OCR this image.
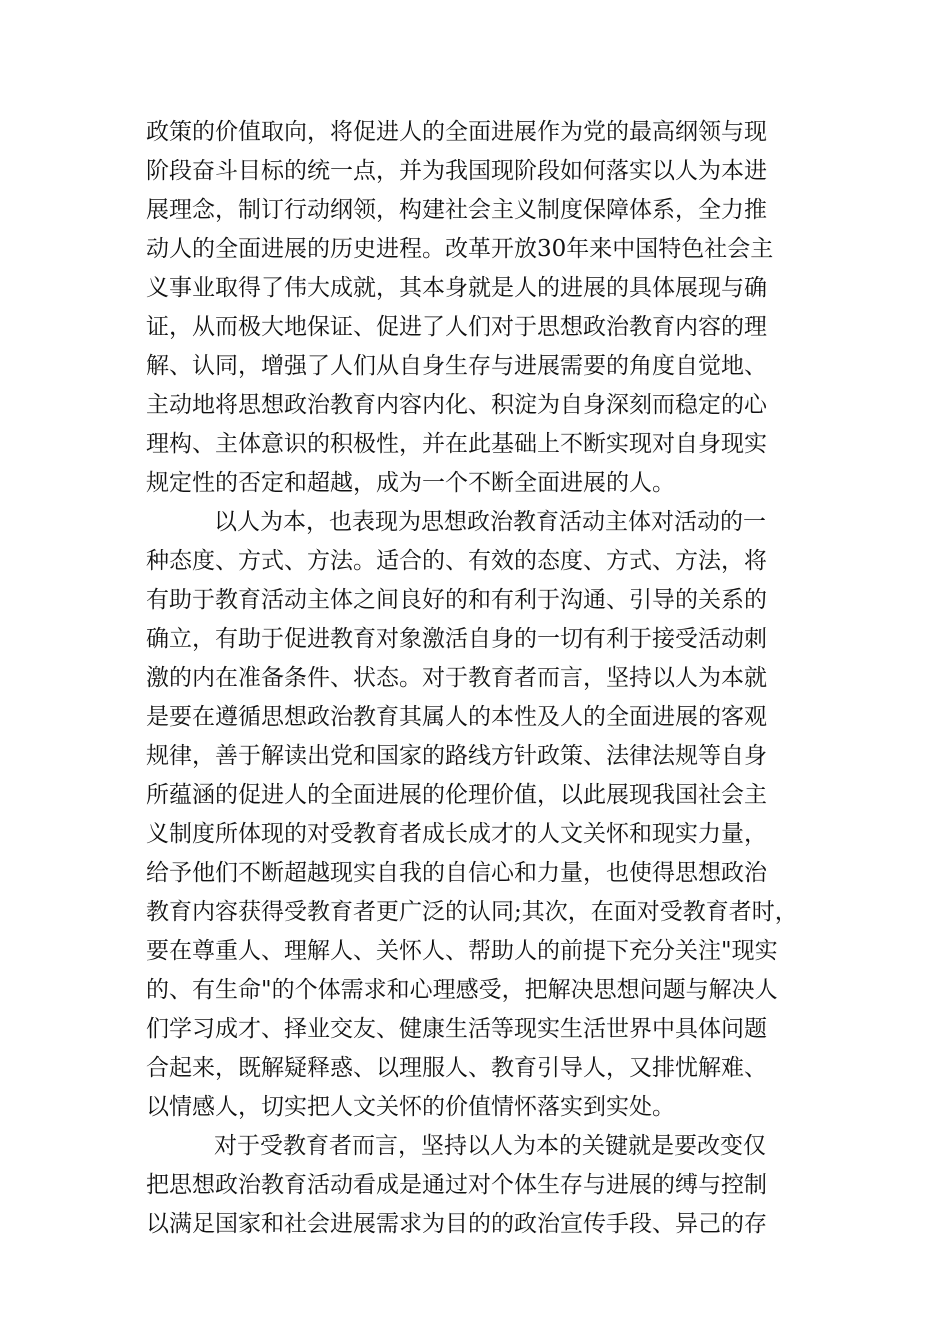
政策的价值取向，将促进人的全面进展作为党的最高纲领与现
阶段奋斗目标的统一点，并为我国现阶段如何落实以人为本进
展理念，制订行动纲领，构建社会主义制度保障体系，全力推
动人的全面进展的历史进程。改革开放30年来中国特色社会主
义事业取得了伟大成就，其本身就是人的进展的具体展现与确
证，从而极大地保证、促进了人们对于思想政治教育内容的理
解、认同，增强了人们从自身生存与进展需要的角度自觉地、
主动地将思想政治教育内容内化、积淀为自身深刻而稳定的心
理构、主体意识的积极性，并在此基础上不断实现对自身现实
规定性的否定和超越，成为一个不断全面进展的人。
以人为本，也表现为思想政治教育活动主体对活动的一
种态度、方式、方法。适合的、有效的态度、方式、方法，将
有助于教育活动主体之间良好的和有利于沟通、引导的关系的
确立，有助于促进教育对象激活自身的一切有利于接受活动刺
激的内在准备条件、状态。对于教育者而言，坚持以人为本就
是要在遵循思想政治教育其属人的本性及人的全面进展的客观
规律，善于解读出党和国家的路线方针政策、法律法规等自身
所蕴涵的促进人的全面进展的伦理价值，以此展现我国社会主
义制度所体现的对受教育者成长成才的人文关怀和现实力量，
给予他们不断超越现实自我的自信心和力量，也使得思想政治
教育内容获得受教育者更广泛的认同;其次，在面对受教育者时，
要在尊重人、理解人、关怀人、帮助人的前提下充分关注"现实
的、有生命"的个体需求和心理感受，把解决思想问题与解决人
们学习成才、择业交友、健康生活等现实生活世界中具体问题
合起来，既解疑释惑、以理服人、教育引导人，又排忧解难、
以情感人，切实把人文关怀的价值情怀落实到实处。
对于受教育者而言，坚持以人为本的关键就是要改变仅
把思想政治教育活动看成是通过对个体生存与进展的缚与控制
以满足国家和社会进展需求为目的的政治宣传手段、异己的存
